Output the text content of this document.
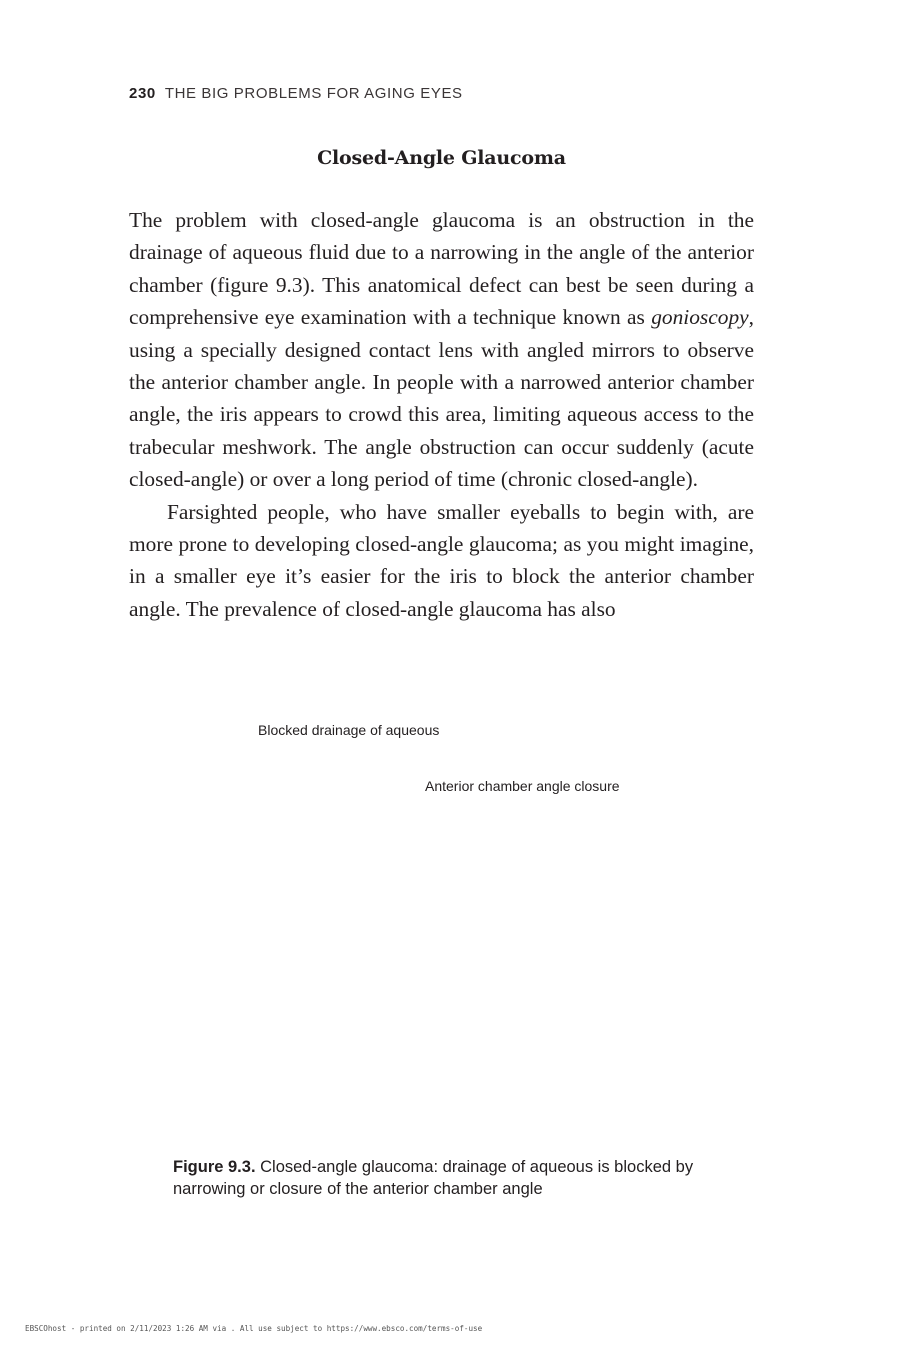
230 THE BIG PROBLEMS FOR AGING EYES
Closed-Angle Glaucoma

The problem with closed-angle glaucoma is an obstruction in the drainage of aqueous fluid due to a narrowing in the angle of the anterior chamber (figure 9.3). This anatomical defect can best be seen during a comprehensive eye examination with a technique known as gonioscopy, using a specially designed contact lens with angled mirrors to observe the anterior chamber angle. In people with a narrowed anterior chamber angle, the iris appears to crowd this area, limiting aqueous access to the trabecular meshwork. The angle obstruction can occur suddenly (acute closed-angle) or over a long period of time (chronic closed-angle).

Farsighted people, who have smaller eyeballs to begin with, are more prone to developing closed-angle glaucoma; as you might imagine, in a smaller eye it’s easier for the iris to block the anterior chamber angle. The prevalence of closed-angle glaucoma has also

Blocked drainage of aqueous
Anterior chamber angle closure
Figure 9.3. Closed-angle glaucoma: drainage of aqueous is blocked by narrowing or closure of the anterior chamber angle
EBSCOhost - printed on 2/11/2023 1:26 AM via . All use subject to https://www.ebsco.com/terms-of-use
